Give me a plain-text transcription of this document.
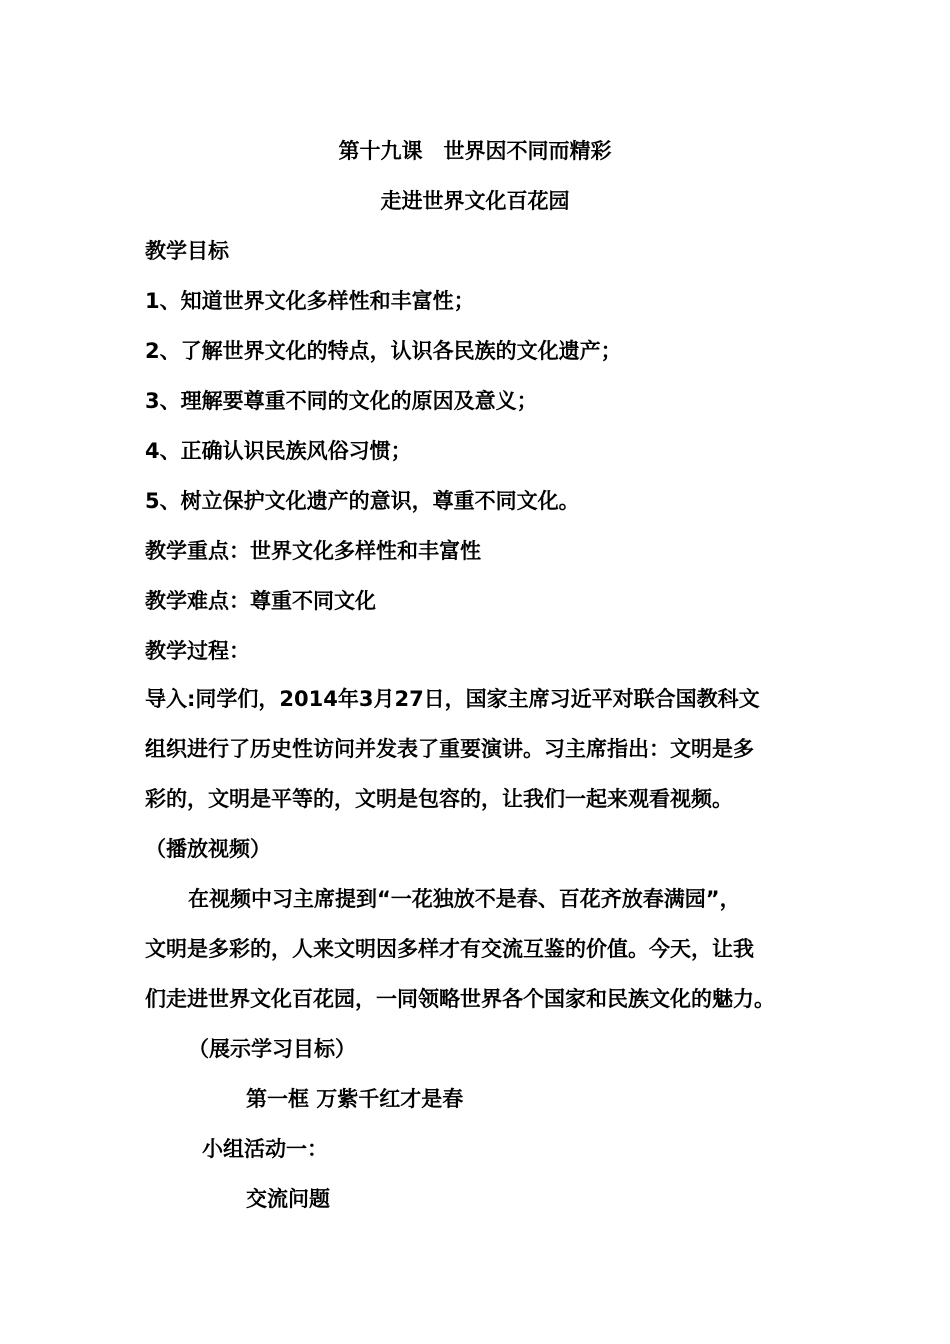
第十九课　世界因不同而精彩
走进世界文化百花园
教学目标
1、知道世界文化多样性和丰富性；
2、了解世界文化的特点，认识各民族的文化遗产；
3、理解要尊重不同的文化的原因及意义；
4、正确认识民族风俗习惯；
5、树立保护文化遗产的意识，尊重不同文化。
教学重点：世界文化多样性和丰富性
教学难点：尊重不同文化
教学过程：
导入:同学们，2014年3月27日，国家主席习近平对联合国教科文
组织进行了历史性访问并发表了重要演讲。习主席指出：文明是多
彩的，文明是平等的，文明是包容的，让我们一起来观看视频。
（播放视频）
在视频中习主席提到“一花独放不是春、百花齐放春满园”，
文明是多彩的，人来文明因多样才有交流互鉴的价值。今天，让我
们走进世界文化百花园，一同领略世界各个国家和民族文化的魅力。
（展示学习目标）
第一框 万紫千红才是春
小组活动一：
交流问题
